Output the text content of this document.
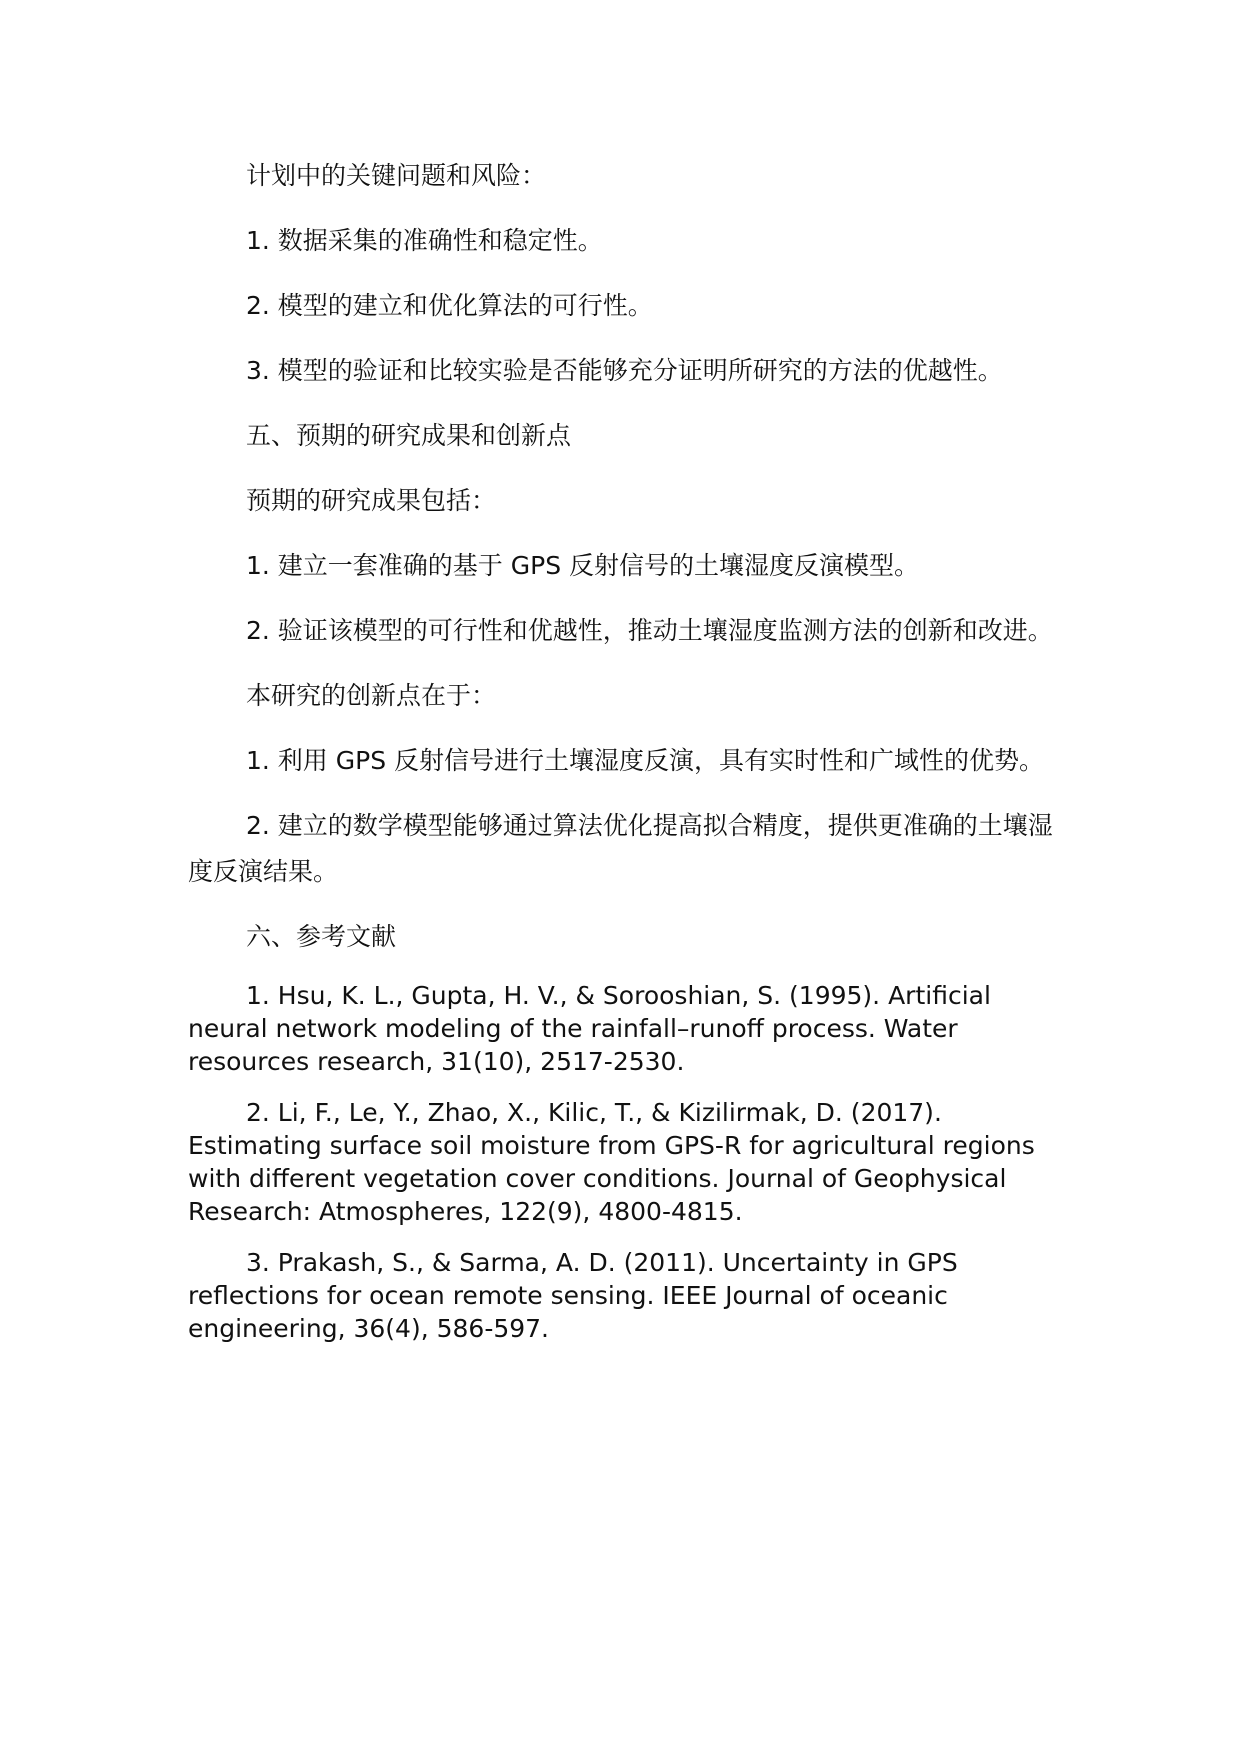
计划中的关键问题和风险：

1. 数据采集的准确性和稳定性。

2. 模型的建立和优化算法的可行性。

3. 模型的验证和比较实验是否能够充分证明所研究的方法的优越性。

五、预期的研究成果和创新点

预期的研究成果包括：

1. 建立一套准确的基于 GPS 反射信号的土壤湿度反演模型。

2. 验证该模型的可行性和优越性，推动土壤湿度监测方法的创新和改进。

本研究的创新点在于：

1. 利用 GPS 反射信号进行土壤湿度反演，具有实时性和广域性的优势。

2. 建立的数学模型能够通过算法优化提高拟合精度，提供更准确的土壤湿度反演结果。

六、参考文献

1. Hsu, K. L., Gupta, H. V., & Sorooshian, S. (1995). Artificial neural network modeling of the rainfall–runoff process. Water resources research, 31(10), 2517-2530.

2. Li, F., Le, Y., Zhao, X., Kilic, T., & Kizilirmak, D. (2017). Estimating surface soil moisture from GPS-R for agricultural regions with different vegetation cover conditions. Journal of Geophysical Research: Atmospheres, 122(9), 4800-4815.

3. Prakash, S., & Sarma, A. D. (2011). Uncertainty in GPS reflections for ocean remote sensing. IEEE Journal of oceanic engineering, 36(4), 586-597.
